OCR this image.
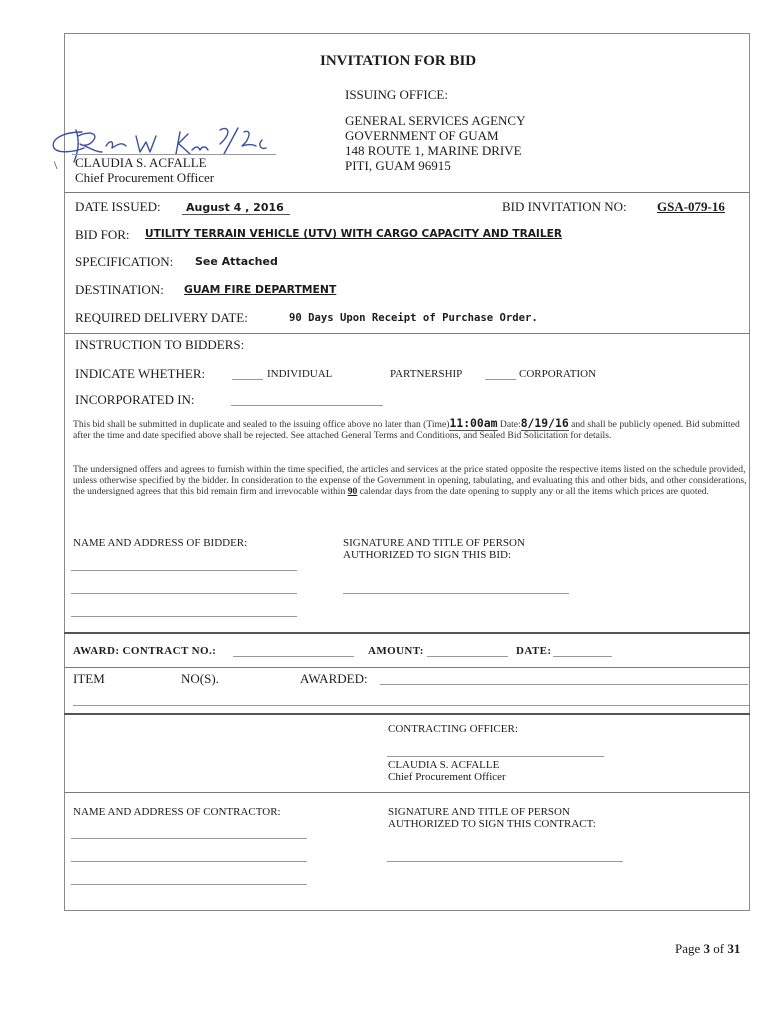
INVITATION FOR BID
ISSUING OFFICE:
GENERAL SERVICES AGENCY
GOVERNMENT OF GUAM
148 ROUTE 1, MARINE DRIVE
PITI, GUAM 96915
\ CLAUDIA S. ACFALLE
Chief Procurement Officer
DATE ISSUED:	August 4 , 2016	BID INVITATION NO: GSA-079-16
BID FOR: UTILITY TERRAIN VEHICLE (UTV) WITH CARGO CAPACITY AND TRAILER
SPECIFICATION: See Attached
DESTINATION: GUAM FIRE DEPARTMENT
REQUIRED DELIVERY DATE:	90 Days Upon Receipt of Purchase Order.
INSTRUCTION TO BIDDERS:
INDICATE WHETHER:	INDIVIDUAL	PARTNERSHIP	CORPORATION
INCORPORATED IN:
This bid shall be submitted in duplicate and sealed to the issuing office above no later than (Time)11:00am Date:8/19/16 and shall be publicly opened. Bid submitted after the time and date specified above shall be rejected. See attached General Terms and Conditions, and Sealed Bid Solicitation for details.
The undersigned offers and agrees to furnish within the time specified, the articles and services at the price stated opposite the respective items listed on the schedule provided, unless otherwise specified by the bidder. In consideration to the expense of the Government in opening, tabulating, and evaluating this and other bids, and other considerations, the undersigned agrees that this bid remain firm and irrevocable within 90 calendar days from the date opening to supply any or all the items which prices are quoted.
NAME AND ADDRESS OF BIDDER:	SIGNATURE AND TITLE OF PERSON
AUTHORIZED TO SIGN THIS BID:
AWARD: CONTRACT NO.:	AMOUNT:	DATE:
ITEM	NO(S).	AWARDED:
CONTRACTING OFFICER:
CLAUDIA S. ACFALLE
Chief Procurement Officer
NAME AND ADDRESS OF CONTRACTOR:	SIGNATURE AND TITLE OF PERSON
AUTHORIZED TO SIGN THIS CONTRACT:
Page 3 of 31
